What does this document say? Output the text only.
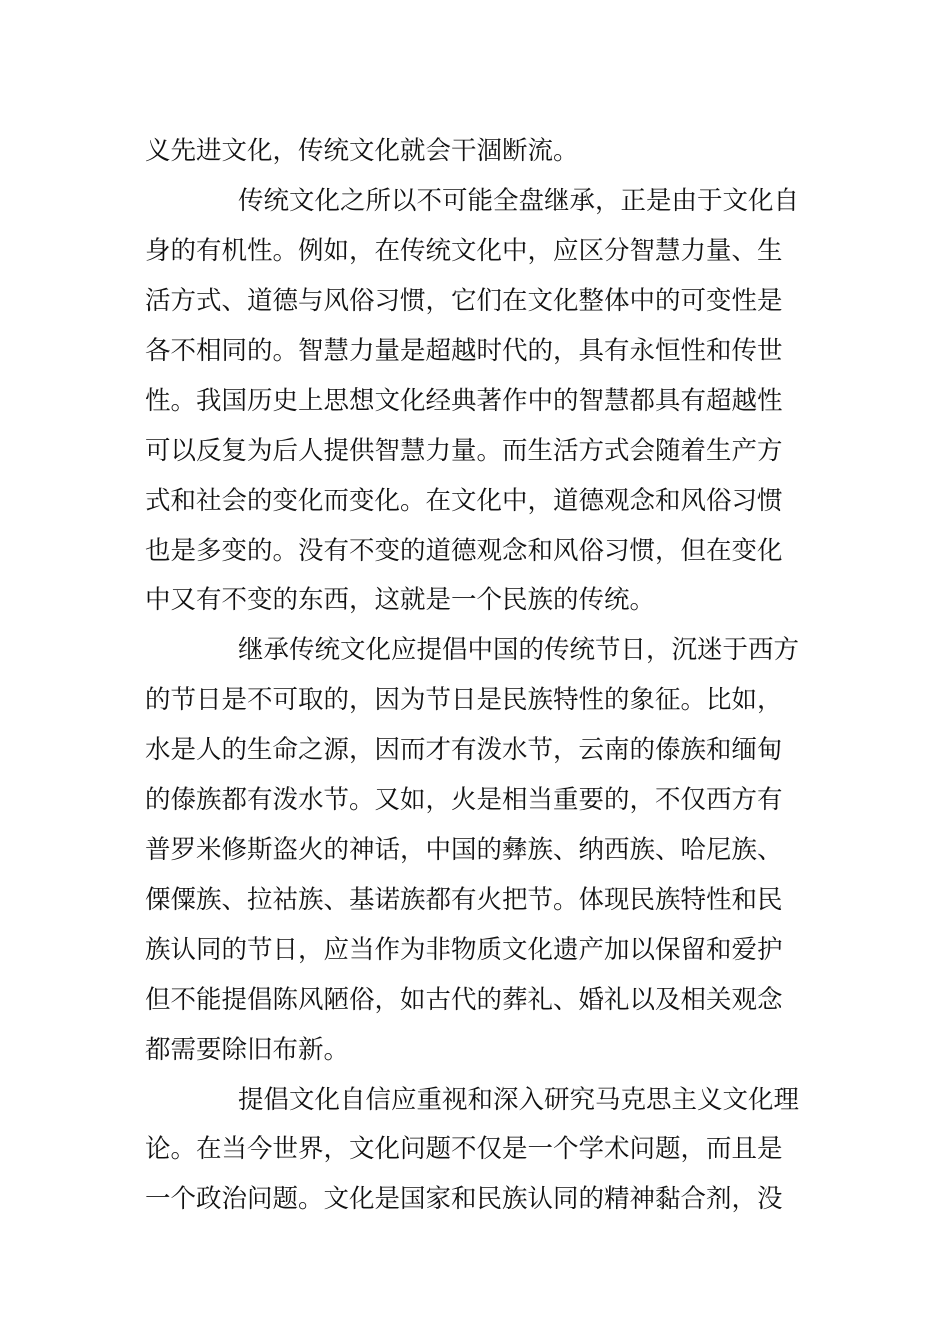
义先进文化，传统文化就会干涸断流。
传统文化之所以不可能全盘继承，正是由于文化自
身的有机性。例如，在传统文化中，应区分智慧力量、生
活方式、道德与风俗习惯，它们在文化整体中的可变性是
各不相同的。智慧力量是超越时代的，具有永恒性和传世
性。我国历史上思想文化经典著作中的智慧都具有超越性
可以反复为后人提供智慧力量。而生活方式会随着生产方
式和社会的变化而变化。在文化中，道德观念和风俗习惯
也是多变的。没有不变的道德观念和风俗习惯，但在变化
中又有不变的东西，这就是一个民族的传统。
继承传统文化应提倡中国的传统节日，沉迷于西方
的节日是不可取的，因为节日是民族特性的象征。比如，
水是人的生命之源，因而才有泼水节，云南的傣族和缅甸
的傣族都有泼水节。又如，火是相当重要的，不仅西方有
普罗米修斯盗火的神话，中国的彝族、纳西族、哈尼族、
傈僳族、拉祜族、基诺族都有火把节。体现民族特性和民
族认同的节日，应当作为非物质文化遗产加以保留和爱护
但不能提倡陈风陋俗，如古代的葬礼、婚礼以及相关观念
都需要除旧布新。
提倡文化自信应重视和深入研究马克思主义文化理
论。在当今世界，文化问题不仅是一个学术问题，而且是
一个政治问题。文化是国家和民族认同的精神黏合剂，没
